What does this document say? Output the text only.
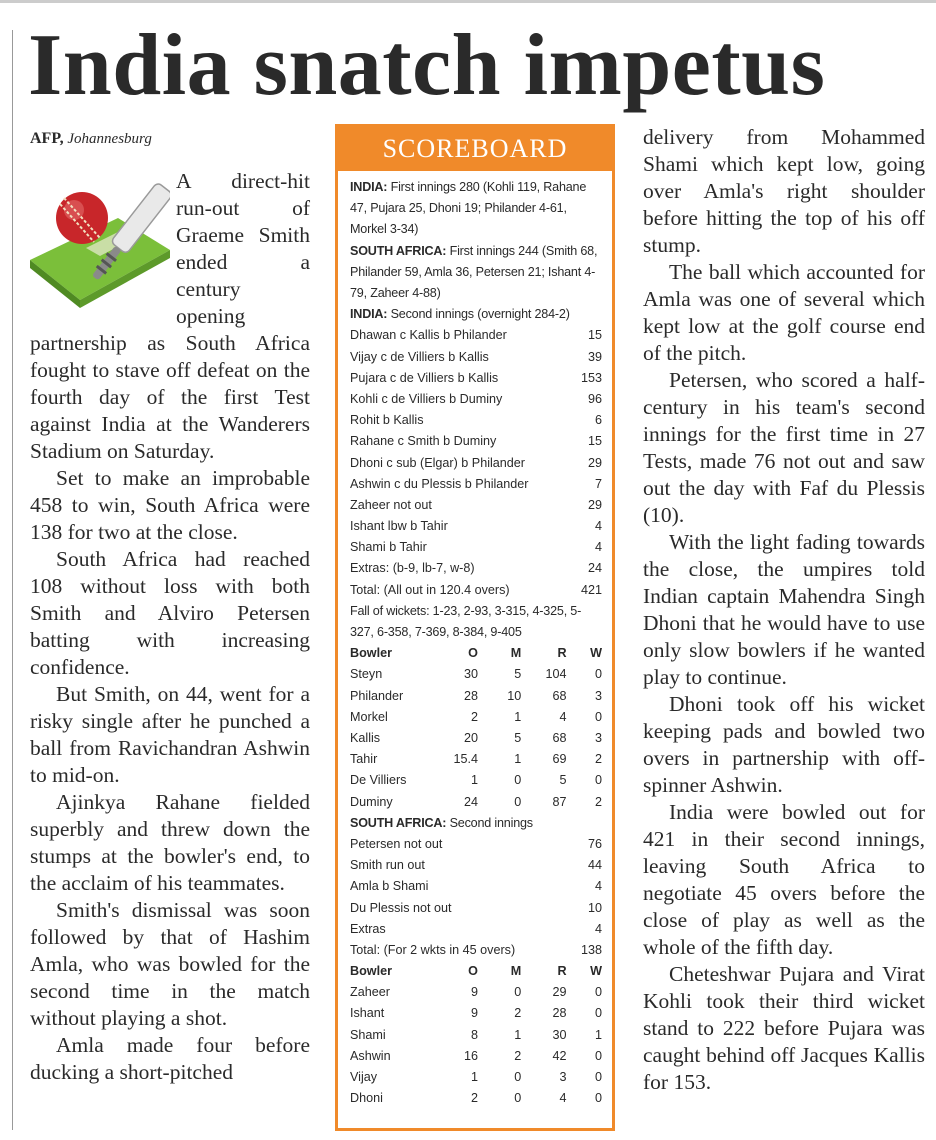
India snatch impetus

AFP, Johannesburg

A direct-hit run-out of Graeme Smith ended a century opening partnership as South Africa fought to stave off defeat on the fourth day of the first Test against India at the Wanderers Stadium on Saturday.

Set to make an improbable 458 to win, South Africa were 138 for two at the close.

South Africa had reached 108 without loss with both Smith and Alviro Petersen batting with increasing confidence.

But Smith, on 44, went for a risky single after he punched a ball from Ravichandran Ashwin to mid-on.

Ajinkya Rahane fielded superbly and threw down the stumps at the bowler's end, to the acclaim of his teammates.

Smith's dismissal was soon followed by that of Hashim Amla, who was bowled for the second time in the match without playing a shot.

Amla made four before ducking a short-pitched

SCOREBOARD
INDIA: First innings 280 (Kohli 119, Rahane 47, Pujara 25, Dhoni 19; Philander 4-61, Morkel 3-34)
SOUTH AFRICA: First innings 244 (Smith 68, Philander 59, Amla 36, Petersen 21; Ishant 4-79, Zaheer 4-88)
INDIA: Second innings (overnight 284-2)
Dhawan c Kallis b Philander	15
Vijay c de Villiers b Kallis	39
Pujara c de Villiers b Kallis	153
Kohli c de Villiers b Duminy	96
Rohit b Kallis	6
Rahane c Smith b Duminy	15
Dhoni c sub (Elgar) b Philander	29
Ashwin c du Plessis b Philander	7
Zaheer not out	29
Ishant lbw b Tahir	4
Shami b Tahir	4
Extras: (b-9, lb-7, w-8)	24
Total: (All out in 120.4 overs)	421
Fall of wickets: 1-23, 2-93, 3-315, 4-325, 5-327, 6-358, 7-369, 8-384, 9-405
Bowler	O	M	R	W
Steyn	30	5	104	0
Philander	28	10	68	3
Morkel	2	1	4	0
Kallis	20	5	68	3
Tahir	15.4	1	69	2
De Villiers	1	0	5	0
Duminy	24	0	87	2
SOUTH AFRICA: Second innings
Petersen not out	76
Smith run out	44
Amla b Shami	4
Du Plessis not out	10
Extras	4
Total: (For 2 wkts in 45 overs)	138
Bowler	O	M	R	W
Zaheer	9	0	29	0
Ishant	9	2	28	0
Shami	8	1	30	1
Ashwin	16	2	42	0
Vijay	1	0	3	0
Dhoni	2	0	4	0

delivery from Mohammed Shami which kept low, going over Amla's right shoulder before hitting the top of his off stump.

The ball which accounted for Amla was one of several which kept low at the golf course end of the pitch.

Petersen, who scored a half-century in his team's second innings for the first time in 27 Tests, made 76 not out and saw out the day with Faf du Plessis (10).

With the light fading towards the close, the umpires told Indian captain Mahendra Singh Dhoni that he would have to use only slow bowlers if he wanted play to continue.

Dhoni took off his wicket keeping pads and bowled two overs in partnership with off-spinner Ashwin.

India were bowled out for 421 in their second innings, leaving South Africa to negotiate 45 overs before the close of play as well as the whole of the fifth day.

Cheteshwar Pujara and Virat Kohli took their third wicket stand to 222 before Pujara was caught behind off Jacques Kallis for 153.
